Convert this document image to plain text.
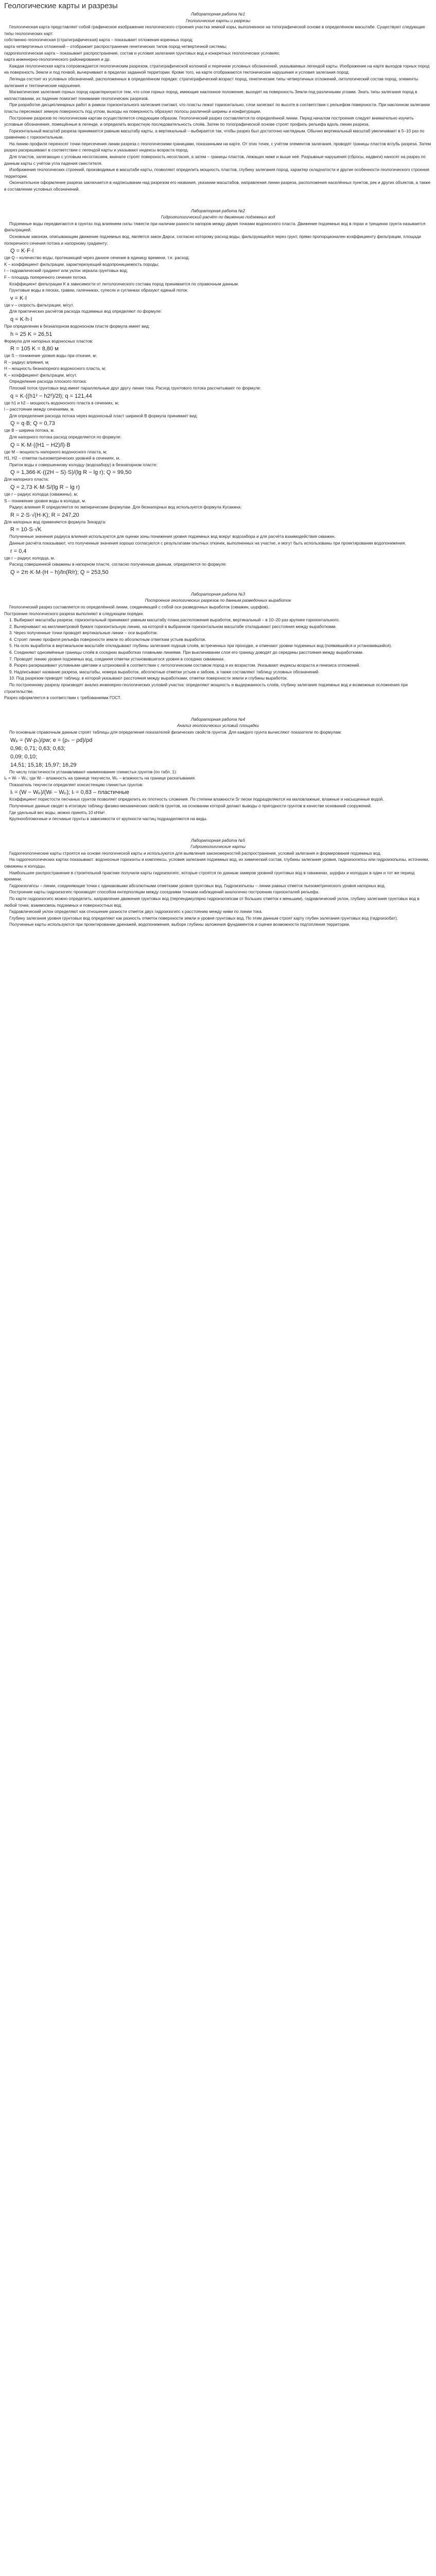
Геологические карты и разрезы

Лабораторная работа №1

Геологические карты и разрезы

Геологическая карта представляет собой графическое изображение геологического строения участка земной коры, выполненное на топографической основе в определённом масштабе. Существуют следующие типы геологических карт:

собственно геологическая (стратиграфическая) карта – показывает отложения коренных пород;

карта четвертичных отложений – отображает распространение генетических типов пород четвертичной системы;

гидрогеологическая карта – показывает распространение, состав и условия залегания грунтовых вод и конкретных геологических условиях;

карта инженерно-геологического районирования и др.

Каждая геологическая карта сопровождается геологическим разрезом, стратиграфической колонкой и перечнем условных обозначений, указываемых легендой карты. Изображение на карте выходов горных пород на поверхность Земли и под почвой, вычерчивают в пределах заданной территории. Кроме того, на карте отображаются тектонические нарушения и условия залегания пород.

Легенда состоит из условных обозначений, расположенных в определённом порядке: стратиграфический возраст пород, генетические типы четвертичных отложений, литологический состав пород, элементы залегания и тектонические нарушения.

Магматические залегания горных пород характеризуются тем, что слои горных пород, имеющие наклонное положение, выходят на поверхность Земли под различными углами. Знать типы залегания пород в напластовании, их падение помогает понимание геологических разрезов.

При разработке дисциплинарных работ в рамках горизонтального залегания считают, что пласты лежат горизонтально, слои залегают по высоте в соответствии с рельефом поверхности. При наклонном залегании пласты пересекают земную поверхность под углом, выходы на поверхность образуют полосы различной ширины и конфигурации.

Построение разрезов по геологическим картам осуществляется следующим образом. Геологический разрез составляется по определённой линии. Перед началом построения следует внимательно изучить условные обозначения, помещённые в легенде, и определить возрастную последовательность слоёв. Затем по топографической основе строят профиль рельефа вдоль линии разреза.

Горизонтальный масштаб разреза принимается равным масштабу карты, а вертикальный – выбирается так, чтобы разрез был достаточно наглядным. Обычно вертикальный масштаб увеличивают в 5–10 раз по сравнению с горизонтальным.

На линию профиля переносят точки пересечения линии разреза с геологическими границами, показанными на карте. От этих точек, с учётом элементов залегания, проводят границы пластов вглубь разреза. Затем разрез раскрашивают в соответствии с легендой карты и указывают индексы возраста пород.

Для пластов, залегающих с угловым несогласием, вначале строят поверхность несогласия, а затем – границы пластов, лежащих ниже и выше неё. Разрывные нарушения (сбросы, надвиги) наносят на разрез по данным карты с учётом угла падения сместителя.

Изображения геологических строений, производимые в масштабе карты, позволяют определить мощность пластов, глубину залегания пород, характер складчатости и другие особенности геологического строения территории.

Окончательное оформление разреза заключается в надписывании над разрезом его названия, указании масштабов, направления линии разреза, расположения населённых пунктов, рек и других объектов, а также в составлении условных обозначений.

Лабораторная работа №2

Гидрогеологический расчёт по движению подземных вод

Подземные воды передвигаются в грунтах под влиянием силы тяжести при наличии разности напоров между двумя точками водоносного пласта. Движение подземных вод в порах и трещинах грунта называется фильтрацией.

Основным законом, описывающим движение подземных вод, является закон Дарси, согласно которому расход воды, фильтрующейся через грунт, прямо пропорционален коэффициенту фильтрации, площади поперечного сечения потока и напорному градиенту:

Q = K·F·I

где Q – количество воды, протекающей через данное сечение в единицу времени, т.е. расход;

K – коэффициент фильтрации, характеризующий водопроницаемость породы;

I – гидравлический градиент или уклон зеркала грунтовых вод;

F – площадь поперечного сечения потока.

Коэффициент фильтрации K в зависимости от литологического состава пород принимается по справочным данным.

Грунтовые воды в песках, гравии, галечниках, супесях и суглинках образуют единый поток.

v = K·I

где v – скорость фильтрации, м/сут.

Для практических расчётов расхода подземных вод определяют по формуле:

q = K·h·I

При определении в безнапорном водоносном пласте формула имеет вид:

h = 25 K = 26,51

Формула для напорных водоносных пластов:

R = 105 K = 8,80 м

где S – понижение уровня воды при откачке, м;

R – радиус влияния, м;

H – мощность безнапорного водоносного пласта, м;

K – коэффициент фильтрации, м/сут.

Определение расхода плоского потока:

Плоский поток грунтовых вод имеет параллельные друг другу линии тока. Расход грунтового потока рассчитывают по формуле:

q = K·((h1² − h2²)/2l); q = 121,44

где h1 и h2 – мощность водоносного пласта в сечениях, м;

l – расстояние между сечениями, м.

Для определения расхода потока через водоносный пласт шириной B формула принимает вид:

Q = q·B; Q = 0,73

где B – ширина потока, м.

Для напорного потока расход определяется по формуле:

Q = K·M·((H1 − H2)/l)·B

где M – мощность напорного водоносного пласта, м;

H1, H2 – отметки пьезометрических уровней в сечениях, м.

Приток воды к совершенному колодцу (водозабору) в безнапорном пласте:

Q = 1,366·K·((2H − S)·S)/(lg R − lg r); Q = 99,50

Для напорного пласта:

Q = 2,73·K·M·S/(lg R − lg r)

где r – радиус колодца (скважины), м;

S – понижение уровня воды в колодце, м.

Радиус влияния R определяется по эмпирическим формулам. Для безнапорных вод используется формула Кусакина:

R = 2·S·√(H·K); R = 247,20

Для напорных вод применяется формула Зихардта:

R = 10·S·√K

Полученные значения радиуса влияния используются для оценки зоны понижения уровня подземных вод вокруг водозабора и для расчёта взаимодействия скважин.

Данные расчёта показывают, что полученные значения хорошо согласуются с результатами опытных откачек, выполненных на участке, и могут быть использованы при проектировании водопонижения.

r = 0,4

где r – радиус колодца, м.

Расход совершенной скважины в напорном пласте, согласно полученным данным, определяется по формуле:

Q = 2π·K·M·(H − h)/ln(R/r); Q = 253,50

Лабораторная работа №3

Построение геологических разрезов по данным разведочных выработок

Геологический разрез составляется по определённой линии, соединяющей с собой оси разведочных выработок (скважин, шурфов).

Построение геологического разреза выполняют в следующем порядке.

1. Выбирают масштабы разреза: горизонтальный принимают равным масштабу плана расположения выработок, вертикальный – в 10–20 раз крупнее горизонтального.

2. Вычерчивают на миллиметровой бумаге горизонтальную линию, на которой в выбранном горизонтальном масштабе откладывают расстояния между выработками.

3. Через полученные точки проводят вертикальные линии – оси выработок.

4. Строят линию профиля рельефа поверхности земли по абсолютным отметкам устьев выработок.

5. На осях выработок в вертикальном масштабе откладывают глубины залегания подошв слоёв, встреченных при проходке, и отмечают уровни подземных вод (появившийся и установившийся).

6. Соединяют одноимённые границы слоёв в соседних выработках плавными линиями. При выклинивании слоя его границу доводят до середины расстояния между выработками.

7. Проводят линию уровня подземных вод, соединяя отметки установившегося уровня в соседних скважинах.

8. Разрез раскрашивают условными цветами и штриховкой в соответствии с литологическим составом пород и их возрастом. Указывают индексы возраста и генезиса отложений.

9. Надписывают название разреза, масштабы, номера выработок, абсолютные отметки устьев и забоев, а также составляют таблицу условных обозначений.

10. Под разрезом приводят таблицу, в которой указывают расстояния между выработками, отметки поверхности земли и глубины выработок.

По построенному разрезу производят анализ инженерно-геологических условий участка: определяют мощность и выдержанность слоёв, глубину залегания подземных вод и возможные осложнения при строительстве.

Разрез оформляется в соответствии с требованиями ГОСТ.

Лабораторная работа №4

Анализ геологических условий площадки

По основным справочным данным строят таблицы для определения показателей физических свойств грунтов. Для каждого грунта вычисляют показатели по формулам:

Wₚ = (W·ρₛ)/ρw; e = (ρₛ − ρd)/ρd

0,96; 0,71; 0,63; 0,63;

0,09; 0,10;

14,51; 15,18; 15,97; 16,29

По числу пластичности устанавливают наименование глинистых грунтов (по табл. 1):

Iₚ = Wₗ − Wₚ; где Wₗ – влажность на границе текучести, Wₚ – влажность на границе раскатывания.

Показатель текучести определяет консистенцию глинистых грунтов:

Iₗ = (W − Wₚ)/(Wₗ − Wₚ); Iₗ = 0,83 – пластичные

Коэффициент пористости песчаных грунтов позволяет определить их плотность сложения. По степени влажности Sr пески подразделяются на маловлажные, влажные и насыщенные водой.

Полученные данные сводят в итоговую таблицу физико-механических свойств грунтов, на основании которой делают выводы о пригодности грунтов в качестве оснований сооружений.

Где удельный вес воды, можно принять 10 кН/м³.

Крупнообломочные и песчаные грунты в зависимости от крупности частиц подразделяются на виды.

Лабораторная работа №5

Гидрогеологические карты

Гидрогеологические карты строятся на основе геологической карты и используются для выявления закономерностей распространения, условий залегания и формирования подземных вод.

На гидрогеологических картах показывают: водоносные горизонты и комплексы, условия залегания подземных вод, их химический состав, глубины залегания уровня, гидроизогипсы или гидроизопьезы, источники, скважины и колодцы.

Наибольшее распространение в строительной практике получили карты гидроизогипс, которые строятся по данным замеров уровней грунтовых вод в скважинах, шурфах и колодцах в один и тот же период времени.

Гидроизогипсы – линии, соединяющие точки с одинаковыми абсолютными отметками уровня грунтовых вод. Гидроизопьезы – линии равных отметок пьезометрического уровня напорных вод.

Построение карты гидроизогипс производят способом интерполяции между соседними точками наблюдений аналогично построению горизонталей рельефа.

По карте гидроизогипс можно определить: направление движения грунтовых вод (перпендикулярно гидроизогипсам от больших отметок к меньшим), гидравлический уклон, глубину залегания грунтовых вод в любой точке, взаимосвязь подземных и поверхностных вод.

Гидравлический уклон определяют как отношение разности отметок двух гидроизогипс к расстоянию между ними по линии тока.

Глубину залегания уровня грунтовых вод определяют как разность отметок поверхности земли и уровня грунтовых вод. По этим данным строят карту глубин залегания грунтовых вод (гидроизобат).

Полученные карты используются при проектировании дренажей, водопонижения, выборе глубины заложения фундаментов и оценке возможности подтопления территории.
